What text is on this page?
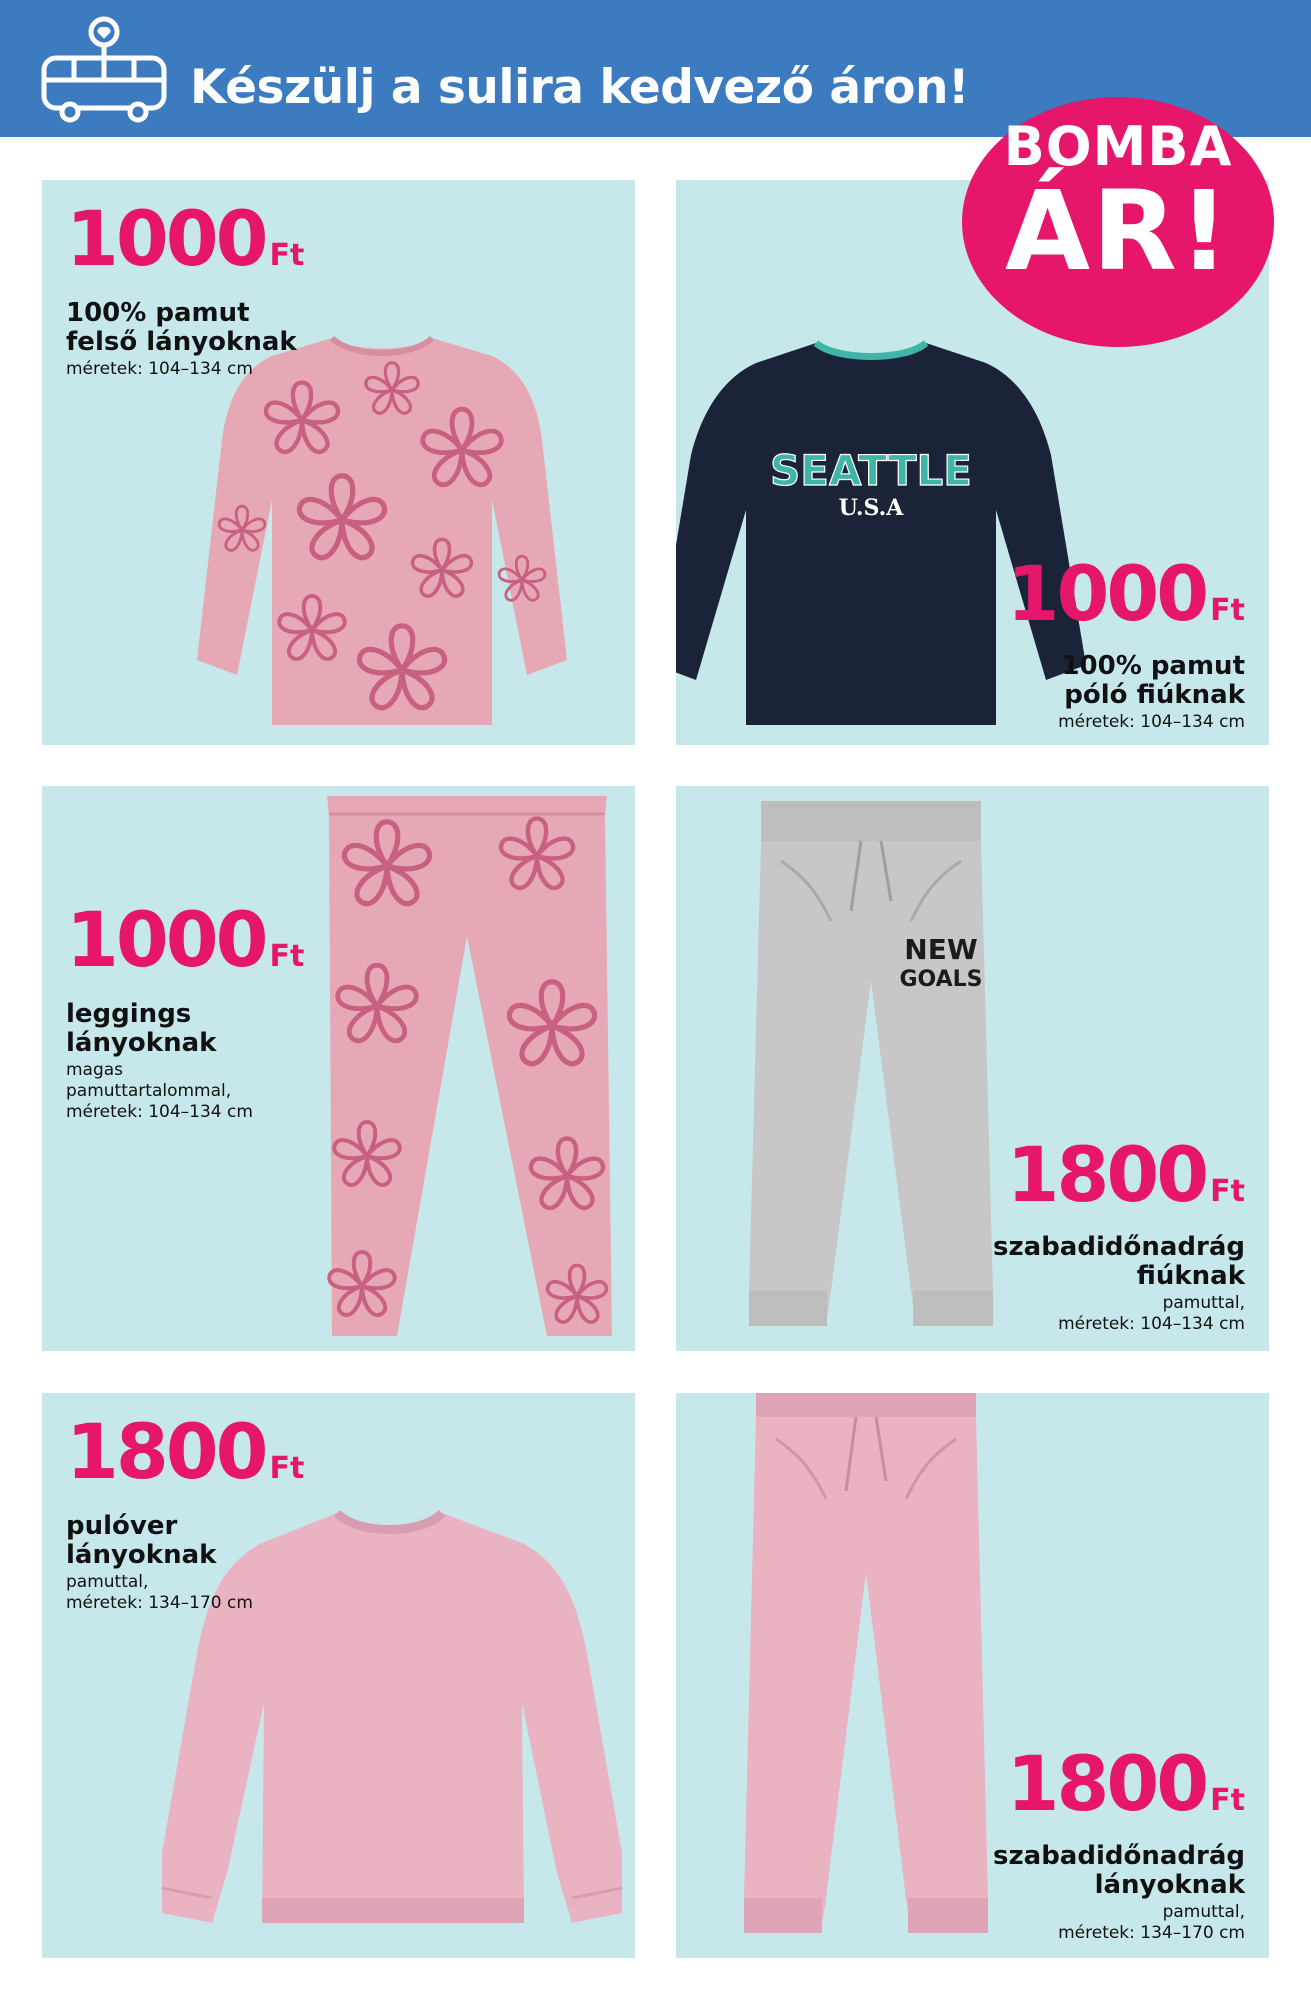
Készülj a sulira kedvező áron!
BOMBA
ÁR!
1000 Ft
100% pamut
felső lányoknak
méretek: 104–134 cm
SEATTLE
U.S.A
1000 Ft
100% pamut
póló fiúknak
méretek: 104–134 cm
1000 Ft
leggings
lányoknak
magas
pamuttartalommal,
méretek: 104–134 cm
NEW
GOALS
1800 Ft
szabadidőnadrág
fiúknak
pamuttal,
méretek: 104–134 cm
1800 Ft
pulóver
lányoknak
pamuttal,
méretek: 134–170 cm
1800 Ft
szabadidőnadrág
lányoknak
pamuttal,
méretek: 134–170 cm
